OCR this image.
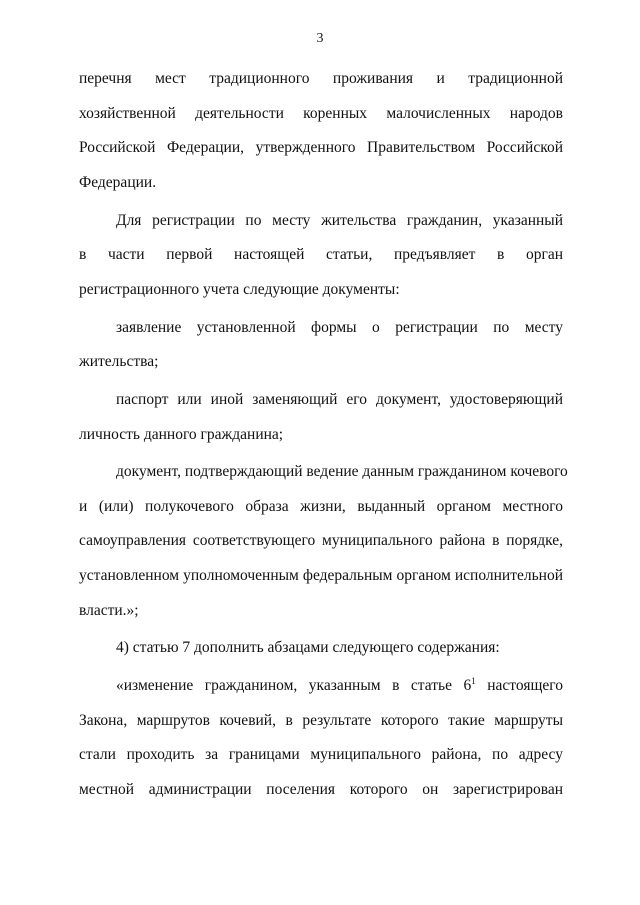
3
перечня мест традиционного проживания и традиционной
хозяйственной деятельности коренных малочисленных народов
Российской Федерации, утвержденного Правительством Российской
Федерации.
Для регистрации по месту жительства гражданин, указанный
в части первой настоящей статьи, предъявляет в орган
регистрационного учета следующие документы:
заявление установленной формы о регистрации по месту
жительства;
паспорт или иной заменяющий его документ, удостоверяющий
личность данного гражданина;
документ, подтверждающий ведение данным гражданином кочевого
и (или) полукочевого образа жизни, выданный органом местного
самоуправления соответствующего муниципального района в порядке,
установленном уполномоченным федеральным органом исполнительной
власти.»;
4) статью 7 дополнить абзацами следующего содержания:
«изменение гражданином, указанным в статье $6^1$ настоящего
Закона, маршрутов кочевий, в результате которого такие маршруты
стали проходить за границами муниципального района, по адресу
местной администрации поселения которого он зарегистрирован
